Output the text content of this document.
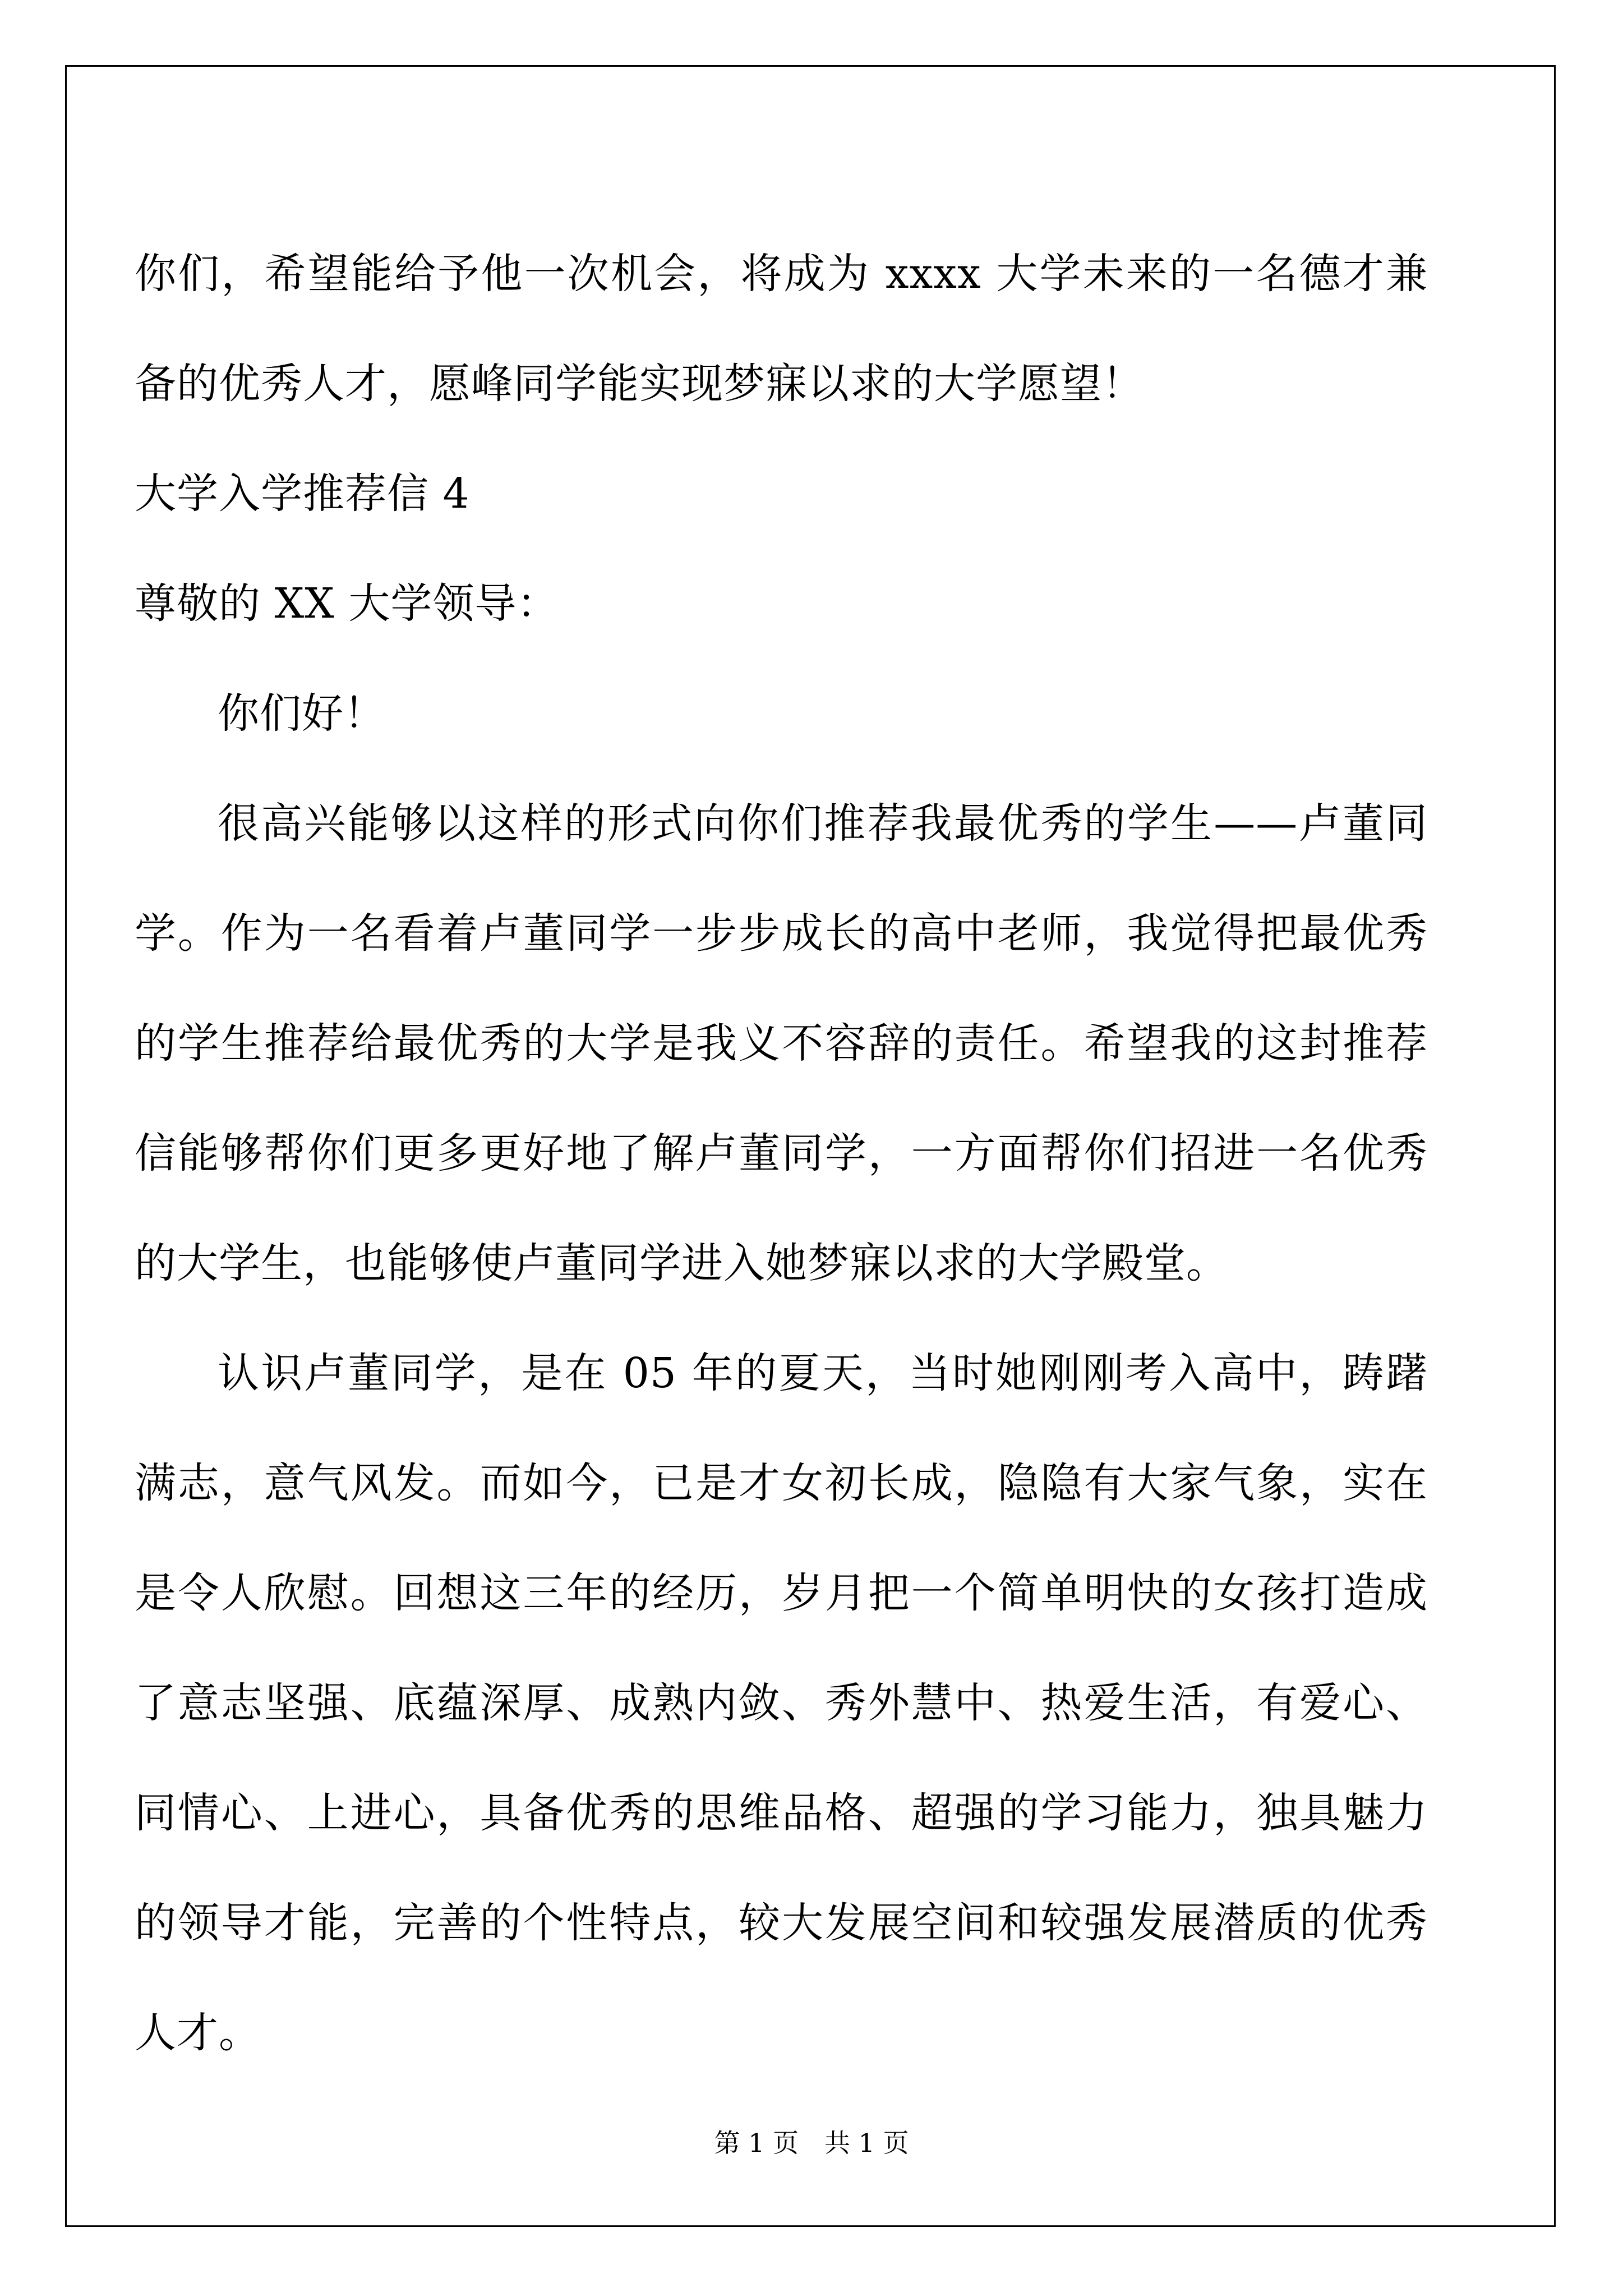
你们，希望能给予他一次机会，将成为 xxxx 大学未来的一名德才兼备的优秀人才，愿峰同学能实现梦寐以求的大学愿望！

大学入学推荐信 4

尊敬的 XX 大学领导：

你们好！

很高兴能够以这样的形式向你们推荐我最优秀的学生——卢董同学。作为一名看着卢董同学一步步成长的高中老师，我觉得把最优秀的学生推荐给最优秀的大学是我义不容辞的责任。希望我的这封推荐信能够帮你们更多更好地了解卢董同学，一方面帮你们招进一名优秀的大学生，也能够使卢董同学进入她梦寐以求的大学殿堂。

认识卢董同学，是在 05 年的夏天，当时她刚刚考入高中，踌躇满志，意气风发。而如今，已是才女初长成，隐隐有大家气象，实在是令人欣慰。回想这三年的经历，岁月把一个简单明快的女孩打造成了意志坚强、底蕴深厚、成熟内敛、秀外慧中、热爱生活，有爱心、同情心、上进心，具备优秀的思维品格、超强的学习能力，独具魅力的领导才能，完善的个性特点，较大发展空间和较强发展潜质的优秀人才。

第 1 页　共 1 页
